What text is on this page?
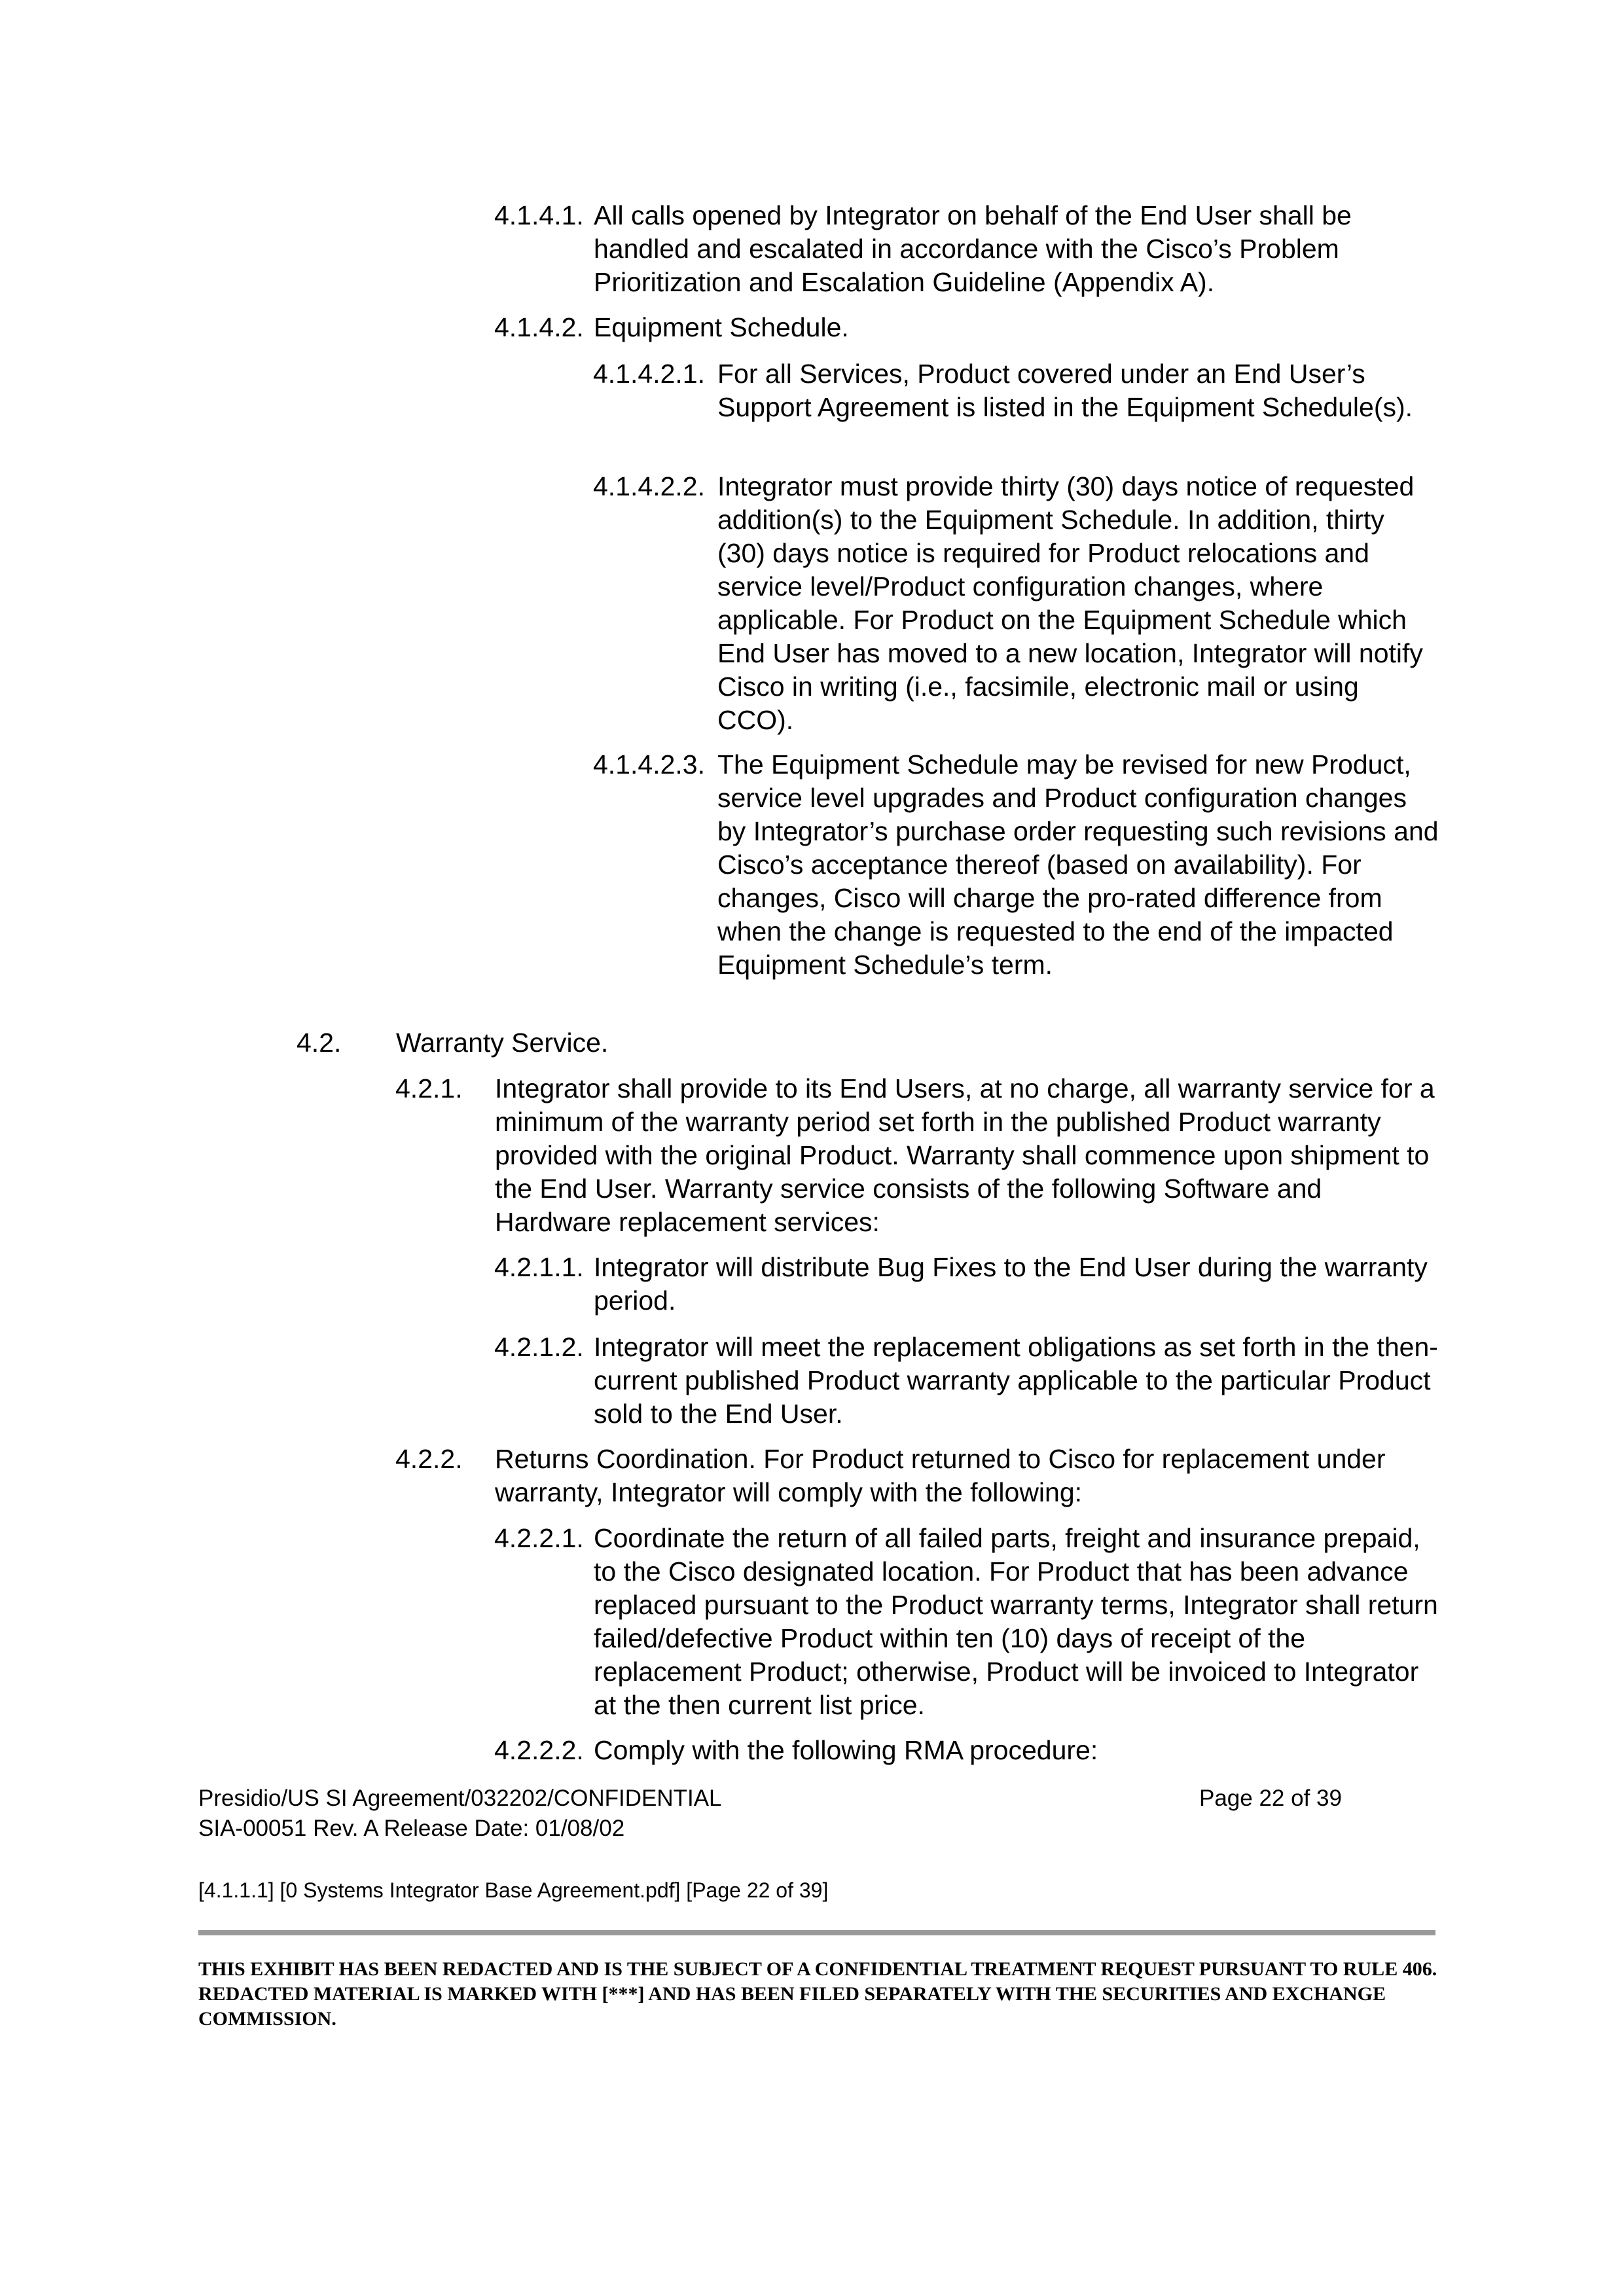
4.1.4.1. All calls opened by Integrator on behalf of the End User shall be handled and escalated in accordance with the Cisco’s Problem Prioritization and Escalation Guideline (Appendix A).
4.1.4.2. Equipment Schedule.
4.1.4.2.1. For all Services, Product covered under an End User’s Support Agreement is listed in the Equipment Schedule(s).
4.1.4.2.2. Integrator must provide thirty (30) days notice of requested addition(s) to the Equipment Schedule. In addition, thirty (30) days notice is required for Product relocations and service level/Product configuration changes, where applicable. For Product on the Equipment Schedule which End User has moved to a new location, Integrator will notify Cisco in writing (i.e., facsimile, electronic mail or using CCO).
4.1.4.2.3. The Equipment Schedule may be revised for new Product, service level upgrades and Product configuration changes by Integrator’s purchase order requesting such revisions and Cisco’s acceptance thereof (based on availability). For changes, Cisco will charge the pro-rated difference from when the change is requested to the end of the impacted Equipment Schedule’s term.
4.2. Warranty Service.
4.2.1. Integrator shall provide to its End Users, at no charge, all warranty service for a minimum of the warranty period set forth in the published Product warranty provided with the original Product. Warranty shall commence upon shipment to the End User. Warranty service consists of the following Software and Hardware replacement services:
4.2.1.1. Integrator will distribute Bug Fixes to the End User during the warranty period.
4.2.1.2. Integrator will meet the replacement obligations as set forth in the then-current published Product warranty applicable to the particular Product sold to the End User.
4.2.2. Returns Coordination. For Product returned to Cisco for replacement under warranty, Integrator will comply with the following:
4.2.2.1. Coordinate the return of all failed parts, freight and insurance prepaid, to the Cisco designated location. For Product that has been advance replaced pursuant to the Product warranty terms, Integrator shall return failed/defective Product within ten (10) days of receipt of the replacement Product; otherwise, Product will be invoiced to Integrator at the then current list price.
4.2.2.2. Comply with the following RMA procedure:
Presidio/US SI Agreement/032202/CONFIDENTIAL
SIA-00051 Rev. A Release Date: 01/08/02
Page 22 of 39
[4.1.1.1] [0 Systems Integrator Base Agreement.pdf] [Page 22 of 39]

THIS EXHIBIT HAS BEEN REDACTED AND IS THE SUBJECT OF A CONFIDENTIAL TREATMENT REQUEST PURSUANT TO RULE 406. REDACTED MATERIAL IS MARKED WITH [***] AND HAS BEEN FILED SEPARATELY WITH THE SECURITIES AND EXCHANGE COMMISSION.
